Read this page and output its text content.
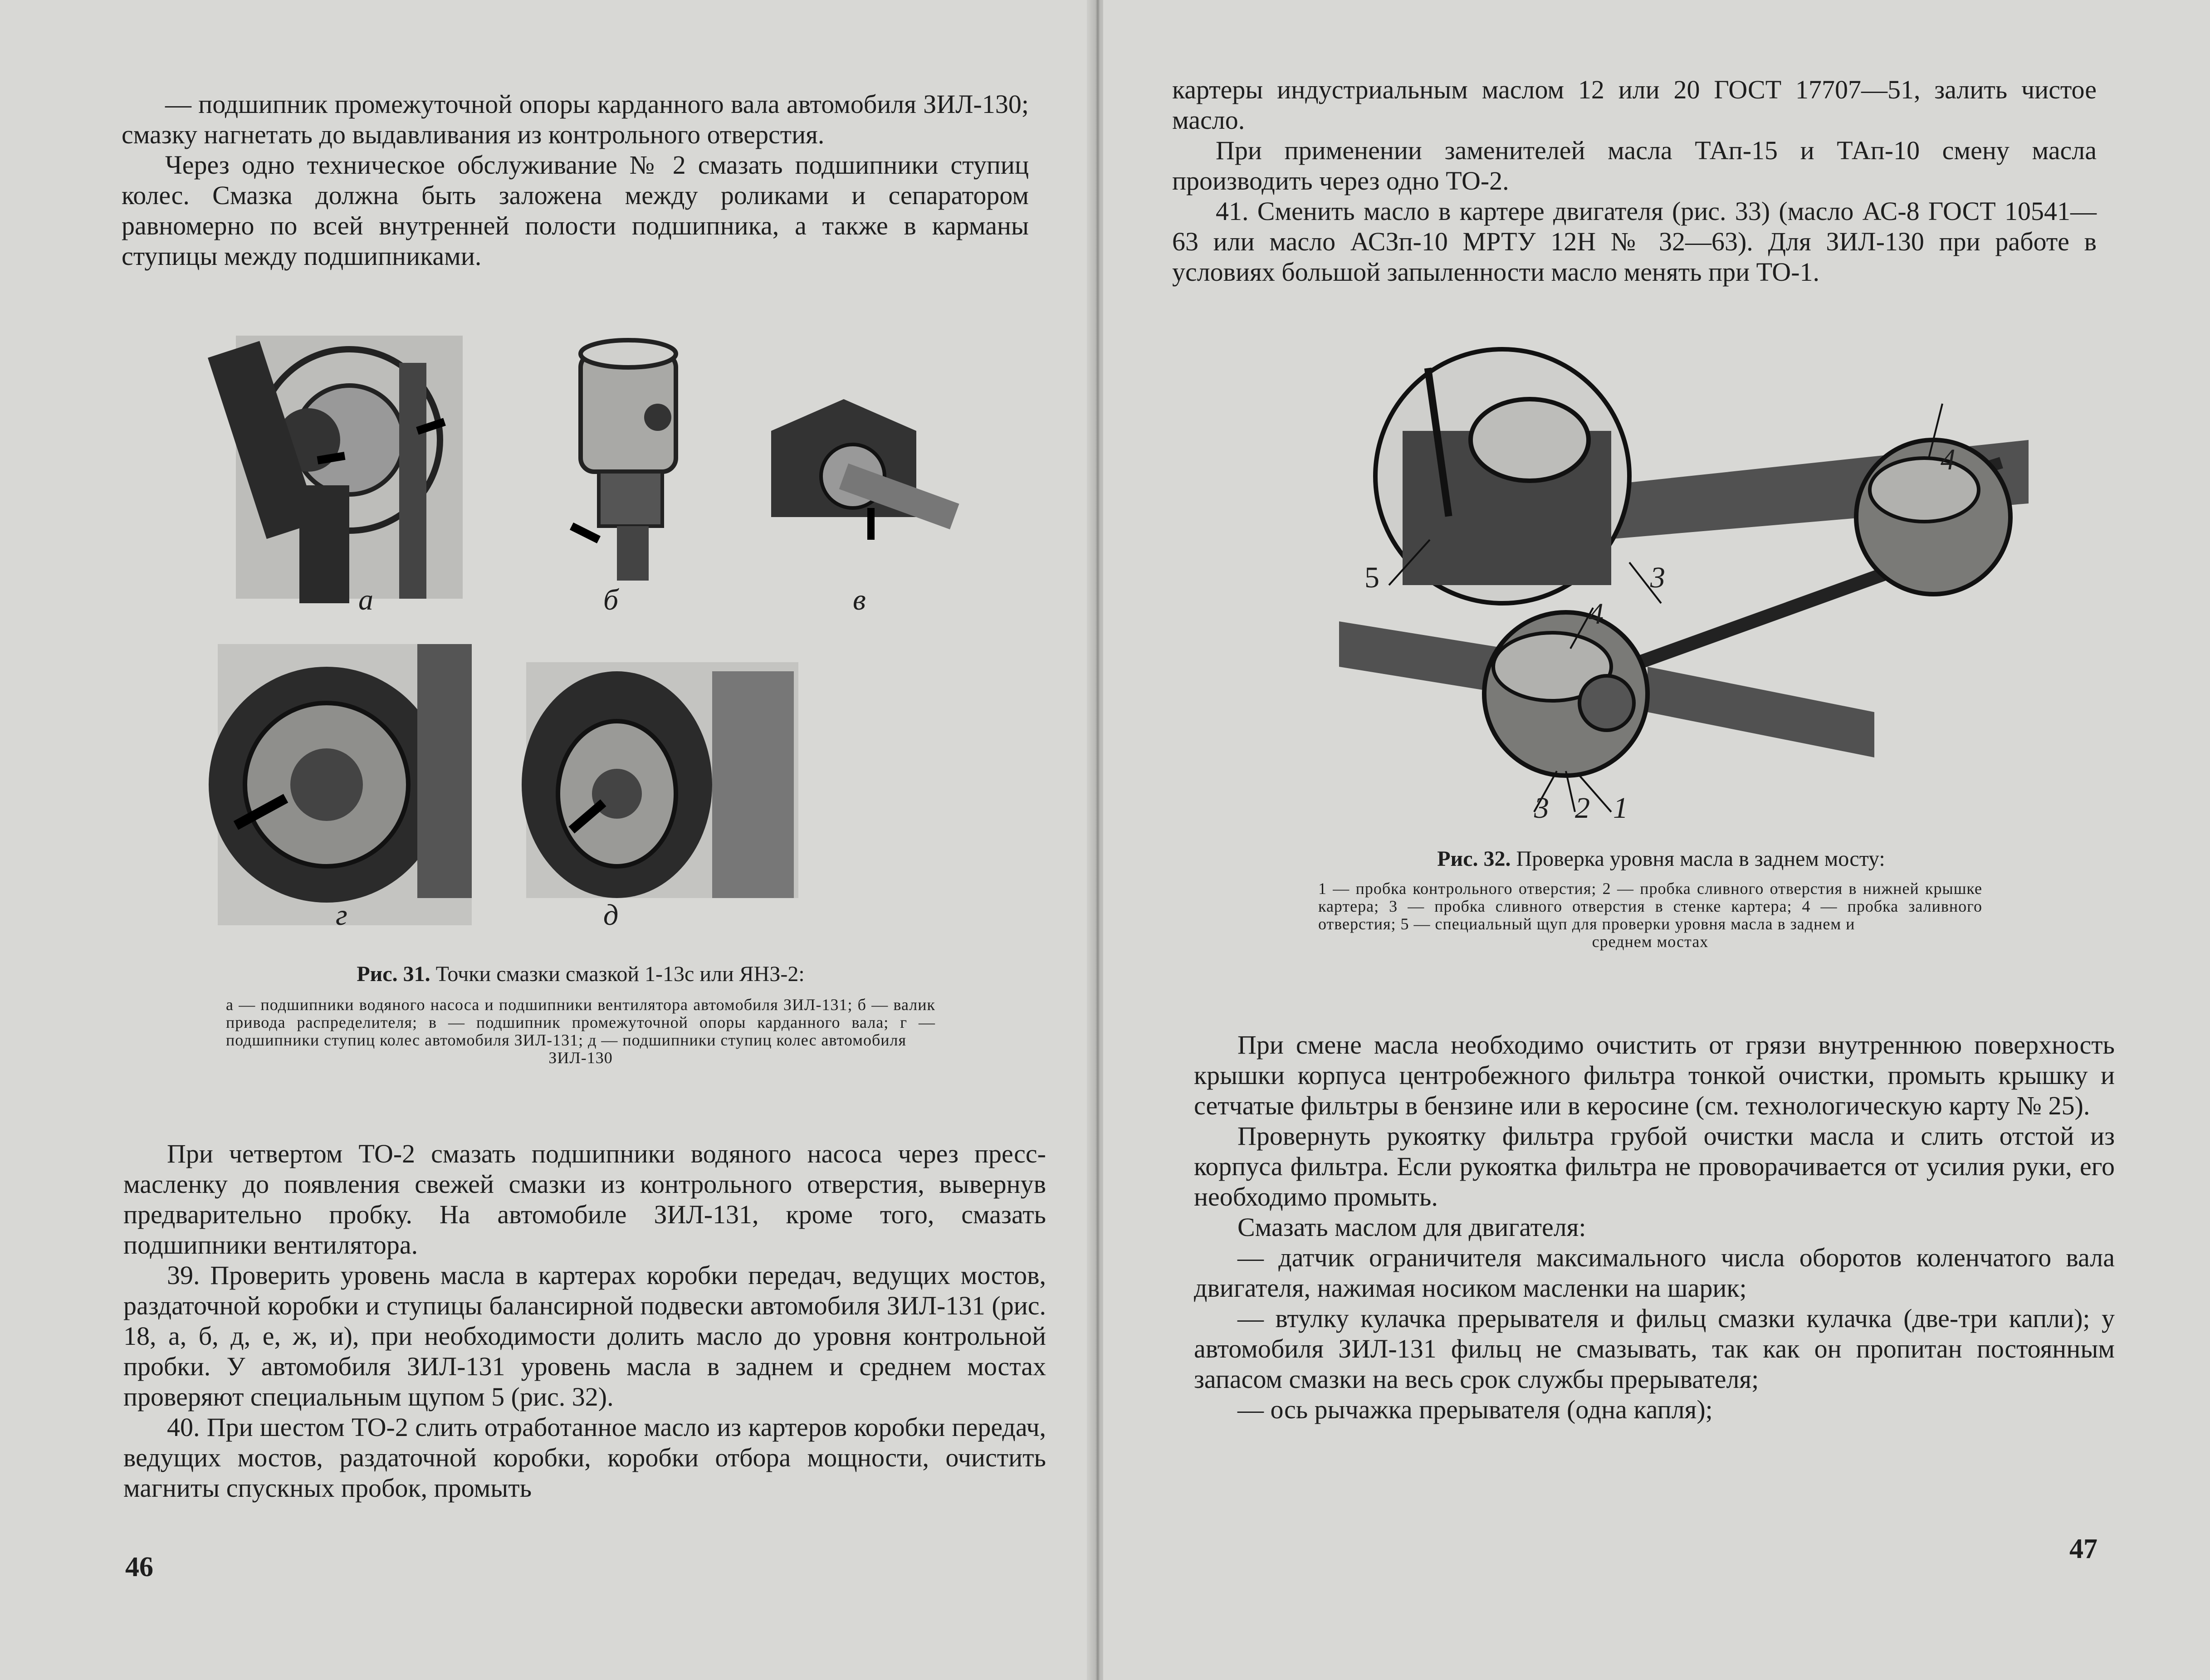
— подшипник промежуточной опоры карданного вала автомобиля ЗИЛ-130; смазку нагнетать до выдавливания из контрольного отверстия.

Через одно техническое обслуживание № 2 смазать подшипники ступиц колес. Смазка должна быть заложена между роликами и сепаратором равномерно по всей внутренней полости подшипника, а также в карманы ступицы между подшипниками.

а	б	в
г	д
Рис. 31. Точки смазки смазкой 1-13с или ЯНЗ-2:
а — подшипники водяного насоса и подшипники вентилятора автомобиля ЗИЛ-131; б — валик привода распределителя; в — подшипник промежуточной опоры карданного вала; г — подшипники ступиц колес автомобиля ЗИЛ-131; д — подшипники ступиц колес автомобиля
ЗИЛ-130

При четвертом ТО-2 смазать подшипники водяного насоса через пресс-масленку до появления свежей смазки из контрольного отверстия, вывернув предварительно пробку. На автомобиле ЗИЛ-131, кроме того, смазать подшипники вентилятора.

39. Проверить уровень масла в картерах коробки передач, ведущих мостов, раздаточной коробки и ступицы балансирной подвески автомобиля ЗИЛ-131 (рис. 18, а, б, д, е, ж, и), при необходимости долить масло до уровня контрольной пробки. У автомобиля ЗИЛ-131 уровень масла в заднем и среднем мостах проверяют специальным щупом 5 (рис. 32).

40. При шестом ТО-2 слить отработанное масло из картеров коробки передач, ведущих мостов, раздаточной коробки, коробки отбора мощности, очистить магниты спускных пробок, промыть

46

картеры индустриальным маслом 12 или 20 ГОСТ 17707—51, залить чистое масло.

При применении заменителей масла ТАп-15 и ТАп-10 смену масла производить через одно ТО-2.

41. Сменить масло в картере двигателя (рис. 33) (масло АС-8 ГОСТ 10541—63 или масло АСЗп-10 МРТУ 12Н № 32—63). Для ЗИЛ-130 при работе в условиях большой запыленности масло менять при ТО-1.

5	3
4
4
3 2 1
Рис. 32. Проверка уровня масла в заднем мосту:
1 — пробка контрольного отверстия; 2 — пробка сливного отверстия в нижней крышке картера; 3 — пробка сливного отверстия в стенке картера; 4 — пробка заливного отверстия; 5 — специальный щуп для проверки уровня масла в заднем и
среднем мостах

При смене масла необходимо очистить от грязи внутреннюю поверхность крышки корпуса центробежного фильтра тонкой очистки, промыть крышку и сетчатые фильтры в бензине или в керосине (см. технологическую карту № 25).

Провернуть рукоятку фильтра грубой очистки масла и слить отстой из корпуса фильтра. Если рукоятка фильтра не проворачивается от усилия руки, его необходимо промыть.

Смазать маслом для двигателя:

— датчик ограничителя максимального числа оборотов коленчатого вала двигателя, нажимая носиком масленки на шарик;

— втулку кулачка прерывателя и фильц смазки кулачка (две-три капли); у автомобиля ЗИЛ-131 фильц не смазывать, так как он пропитан постоянным запасом смазки на весь срок службы прерывателя;

— ось рычажка прерывателя (одна капля);

47
